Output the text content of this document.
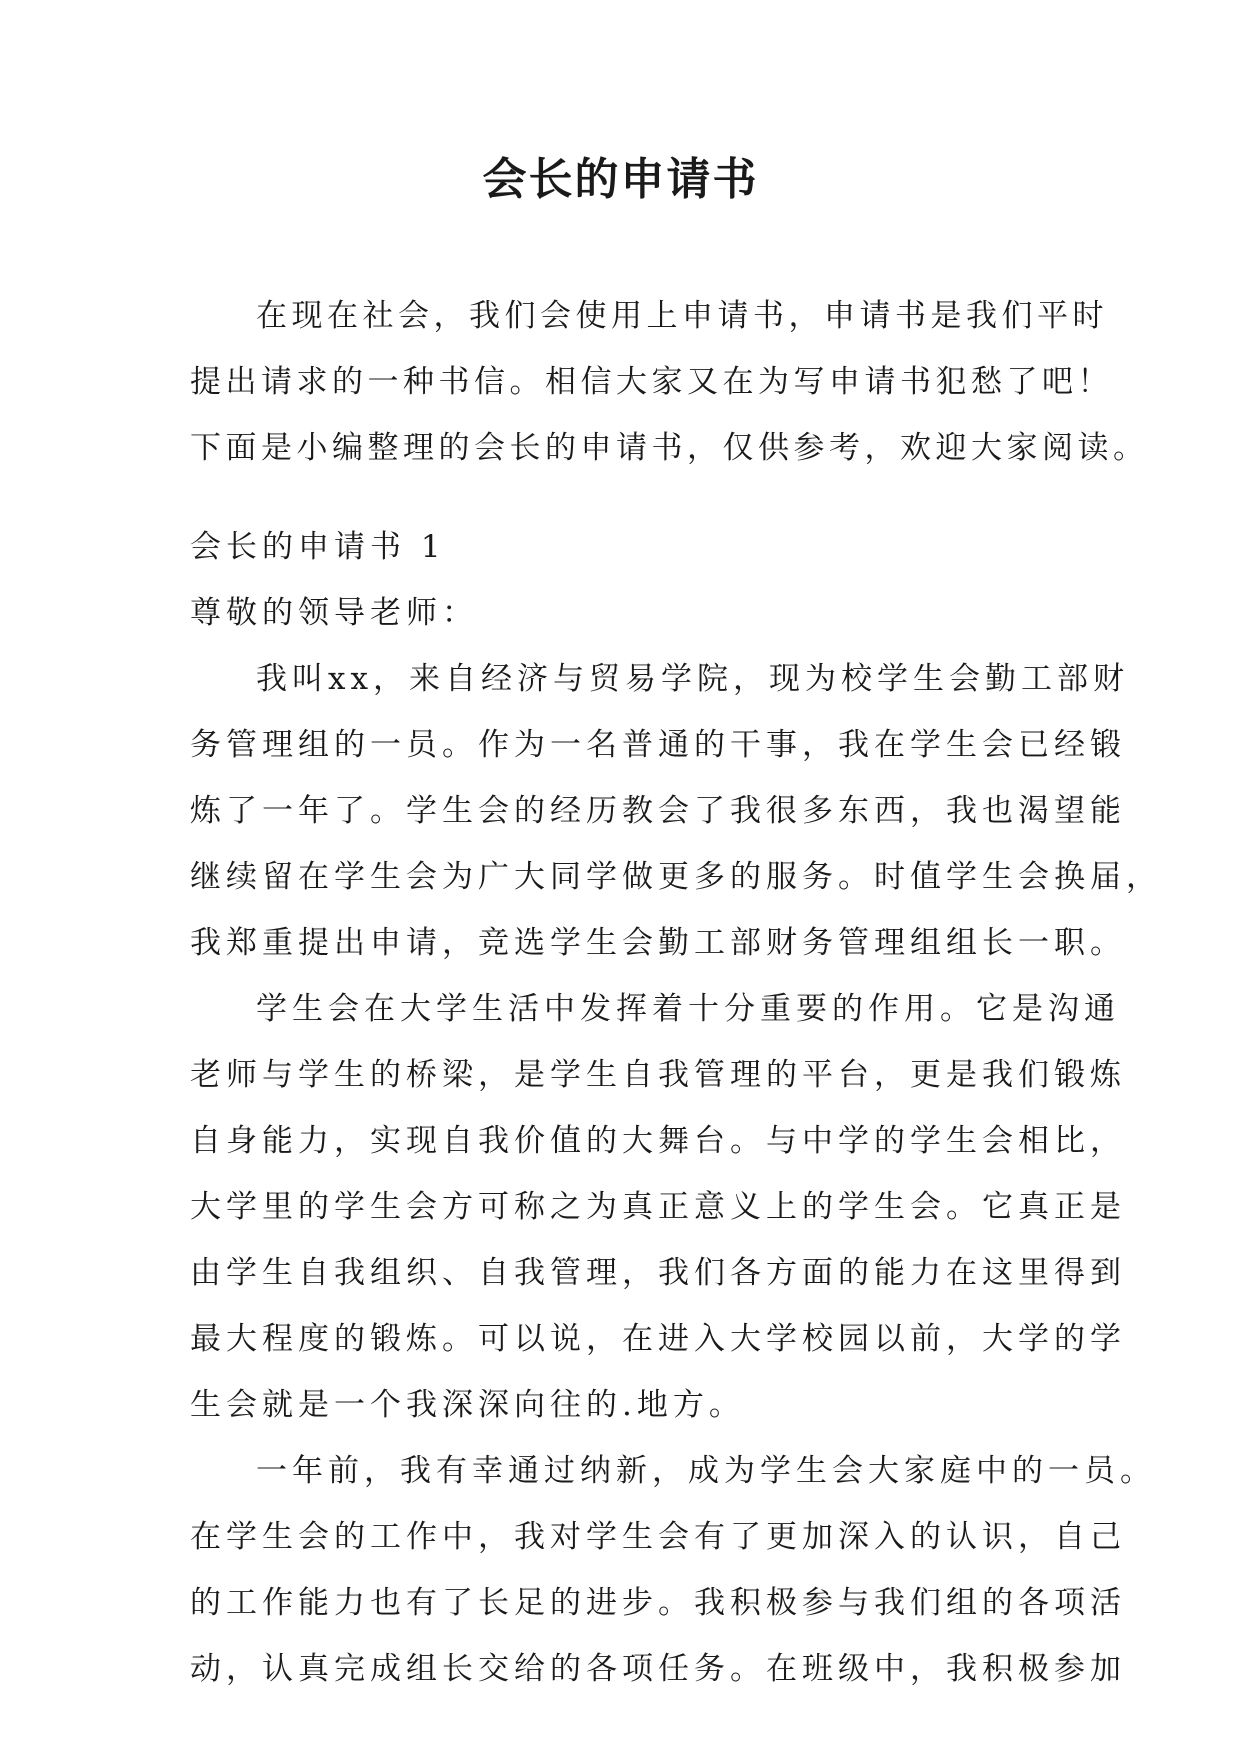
会长的申请书
在现在社会，我们会使用上申请书，申请书是我们平时
提出请求的一种书信。相信大家又在为写申请书犯愁了吧！
下面是小编整理的会长的申请书，仅供参考，欢迎大家阅读。
会长的申请书 1
尊敬的领导老师：
我叫xx，来自经济与贸易学院，现为校学生会勤工部财
务管理组的一员。作为一名普通的干事，我在学生会已经锻
炼了一年了。学生会的经历教会了我很多东西，我也渴望能
继续留在学生会为广大同学做更多的服务。时值学生会换届，
我郑重提出申请，竞选学生会勤工部财务管理组组长一职。
学生会在大学生活中发挥着十分重要的作用。它是沟通
老师与学生的桥梁，是学生自我管理的平台，更是我们锻炼
自身能力，实现自我价值的大舞台。与中学的学生会相比，
大学里的学生会方可称之为真正意义上的学生会。它真正是
由学生自我组织、自我管理，我们各方面的能力在这里得到
最大程度的锻炼。可以说，在进入大学校园以前，大学的学
生会就是一个我深深向往的.地方。
一年前，我有幸通过纳新，成为学生会大家庭中的一员。
在学生会的工作中，我对学生会有了更加深入的认识，自己
的工作能力也有了长足的进步。我积极参与我们组的各项活
动，认真完成组长交给的各项任务。在班级中，我积极参加
